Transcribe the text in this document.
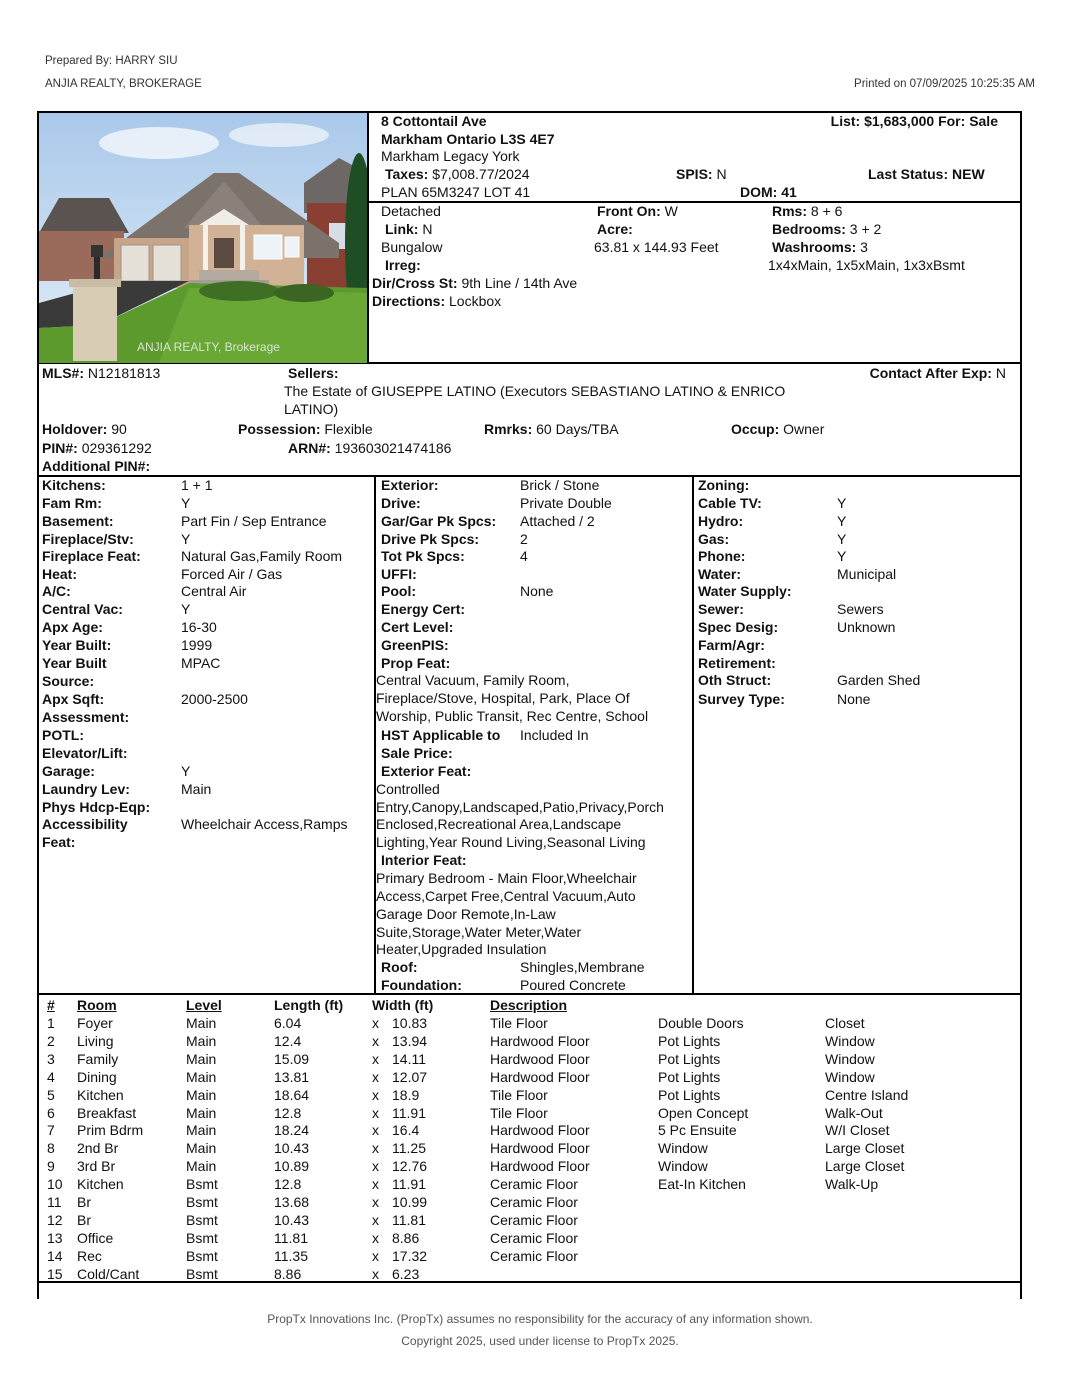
Prepared By: HARRY SIU
ANJIA REALTY, BROKERAGE	Printed on 07/09/2025 10:25:35 AM
ANJIA REALTY, Brokerage
8 Cottontail Ave
Markham Ontario L3S 4E7
Markham Legacy York
Taxes: $7,008.77/2024
PLAN 65M3247 LOT 41
List: $1,683,000 For: Sale
SPIS: N	Last Status: NEW
DOM: 41
Detached
Link: N
Bungalow
Irreg:
Front On: W
Acre:
63.81 x 144.93 Feet
Rms: 8 + 6
Bedrooms: 3 + 2
Washrooms: 3
1x4xMain, 1x5xMain, 1x3xBsmt
Dir/Cross St: 9th Line / 14th Ave
Directions: Lockbox
MLS#: N12181813	Sellers:
The Estate of GIUSEPPE LATINO (Executors SEBASTIANO LATINO & ENRICO
LATINO)
Contact After Exp: N
Holdover: 90	Possession: Flexible	Rmrks: 60 Days/TBA	Occup: Owner
PIN#: 029361292	ARN#: 193603021474186
Additional PIN#:
Kitchens:	1 + 1
Fam Rm:	Y
Basement:	Part Fin / Sep Entrance
Fireplace/Stv:	Y
Fireplace Feat:	Natural Gas,Family Room
Heat:	Forced Air / Gas
A/C:	Central Air
Central Vac:	Y
Apx Age:	16-30
Year Built:	1999
Year Built	MPAC
Source:
Apx Sqft:	2000-2500
Assessment:
POTL:
Elevator/Lift:
Garage:	Y
Laundry Lev:	Main
Phys Hdcp-Eqp:
Accessibility	Wheelchair Access,Ramps
Feat:
Exterior:	Brick / Stone
Drive:	Private Double
Gar/Gar Pk Spcs: Attached / 2
Drive Pk Spcs:	2
Tot Pk Spcs:	4
UFFI:
Pool:	None
Energy Cert:
Cert Level:
GreenPIS:
Prop Feat:
Central Vacuum, Family Room,
Fireplace/Stove, Hospital, Park, Place Of
Worship, Public Transit, Rec Centre, School
HST Applicable to Included In
Sale Price:
Exterior Feat:
Controlled
Entry,Canopy,Landscaped,Patio,Privacy,Porch
Enclosed,Recreational Area,Landscape
Lighting,Year Round Living,Seasonal Living
Interior Feat:
Primary Bedroom - Main Floor,Wheelchair
Access,Carpet Free,Central Vacuum,Auto
Garage Door Remote,In-Law
Suite,Storage,Water Meter,Water
Heater,Upgraded Insulation
Roof:	Shingles,Membrane
Foundation:	Poured Concrete
Zoning:
Cable TV:	Y
Hydro:	Y
Gas:	Y
Phone:	Y
Water:	Municipal
Water Supply:
Sewer:	Sewers
Spec Desig:	Unknown
Farm/Agr:
Retirement:
Oth Struct:	Garden Shed
Survey Type:	None
# Room	Level	Length (ft) Width (ft)	Description
1 Foyer	Main	6.04	x 10.83	Tile Floor	Double Doors	Closet
2 Living	Main	12.4	x 13.94	Hardwood Floor	Pot Lights	Window
3 Family	Main	15.09	x 14.11	Hardwood Floor	Pot Lights	Window
4 Dining	Main	13.81	x 12.07	Hardwood Floor	Pot Lights	Window
5 Kitchen	Main	18.64	x 18.9	Tile Floor	Pot Lights	Centre Island
6 Breakfast	Main	12.8	x 11.91	Tile Floor	Open Concept	Walk-Out
7 Prim Bdrm	Main	18.24	x 16.4	Hardwood Floor	5 Pc Ensuite	W/I Closet
8 2nd Br	Main	10.43	x 11.25	Hardwood Floor	Window	Large Closet
9 3rd Br	Main	10.89	x 12.76	Hardwood Floor	Window	Large Closet
10 Kitchen	Bsmt	12.8	x 11.91	Ceramic Floor	Eat-In Kitchen	Walk-Up
11 Br	Bsmt	13.68	x 10.99	Ceramic Floor
12 Br	Bsmt	10.43	x 11.81	Ceramic Floor
13 Office	Bsmt	11.81	x 8.86	Ceramic Floor
14 Rec	Bsmt	11.35	x 17.32	Ceramic Floor
15 Cold/Cant	Bsmt	8.86	x 6.23
PropTx Innovations Inc. (PropTx) assumes no responsibility for the accuracy of any information shown.
Copyright 2025, used under license to PropTx 2025.
